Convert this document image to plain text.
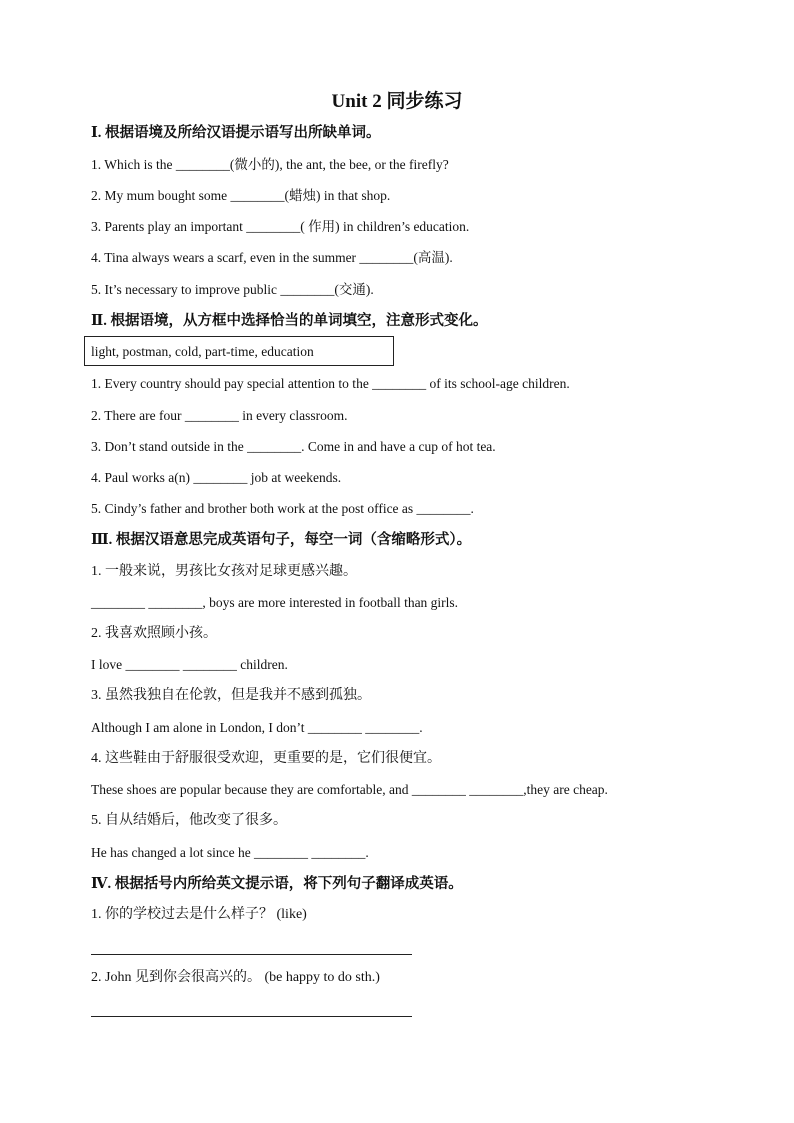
Unit 2 同步练习
Ⅰ. 根据语境及所给汉语提示语写出所缺单词。
1. Which is the ________(微小的), the ant, the bee, or the firefly?
2. My mum bought some ________(蜡烛) in that shop.
3. Parents play an important ________( 作用) in children’s education.
4. Tina always wears a scarf, even in the summer ________(高温).
5. It’s necessary to improve public ________(交通).
Ⅱ. 根据语境，从方框中选择恰当的单词填空，注意形式变化。
light, postman, cold, part-time, education
1. Every country should pay special attention to the ________ of its school-age children.
2. There are four ________ in every classroom.
3. Don’t stand outside in the ________. Come in and have a cup of hot tea.
4. Paul works a(n) ________ job at weekends.
5. Cindy’s father and brother both work at the post office as ________.
Ⅲ. 根据汉语意思完成英语句子，每空一词（含缩略形式）。
1. 一般来说，男孩比女孩对足球更感兴趣。
________ ________, boys are more interested in football than girls.
2. 我喜欢照顾小孩。
I love ________ ________ children.
3. 虽然我独自在伦敦，但是我并不感到孤独。
Although I am alone in London, I don’t ________ ________.
4. 这些鞋由于舒服很受欢迎，更重要的是，它们很便宜。
These shoes are popular because they are comfortable, and ________ ________,they are cheap.
5. 自从结婚后，他改变了很多。
He has changed a lot since he ________ ________.
Ⅳ. 根据括号内所给英文提示语，将下列句子翻译成英语。
1. 你的学校过去是什么样子？ (like)
2. John 见到你会很高兴的。 (be happy to do sth.)
